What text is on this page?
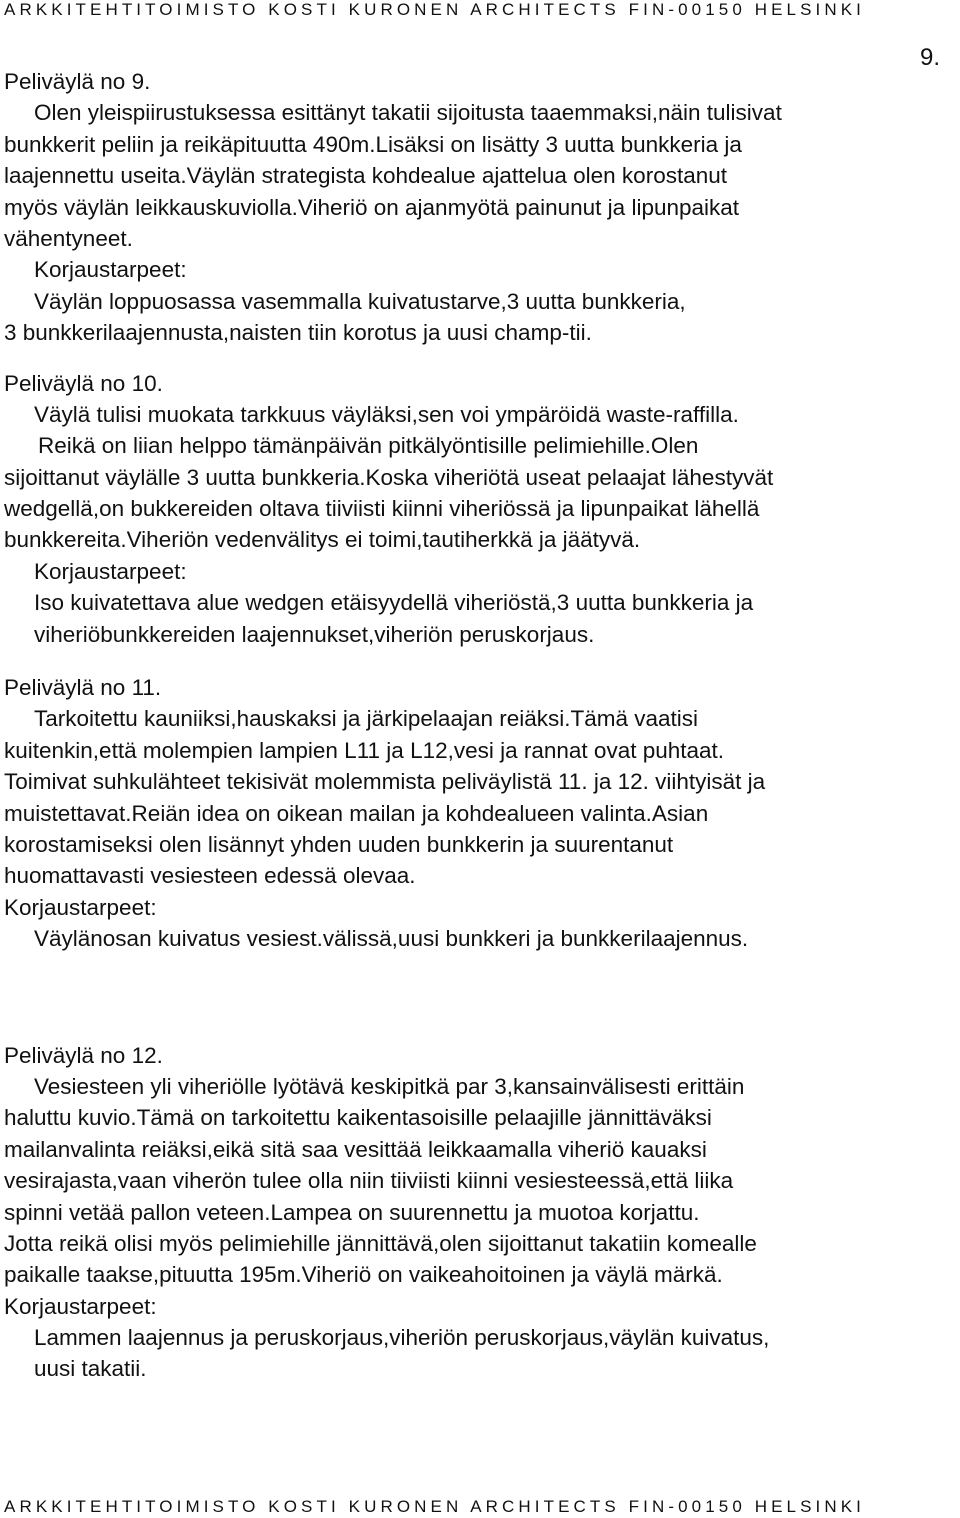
ARKKITEHTITOIMISTO KOSTI KURONEN ARCHITECTS FIN-00150 HELSINKI
9.
Peliväylä no 9.
Olen yleispiirustuksessa esittänyt takatii sijoitusta taaemmaksi,näin tulisivat
bunkkerit peliin ja reikäpituutta 490m.Lisäksi on lisätty 3 uutta bunkkeria ja
laajennettu useita.Väylän strategista kohdealue ajattelua olen korostanut
myös väylän leikkauskuviolla.Viheriö on ajanmyötä painunut ja lipunpaikat
vähentyneet.
Korjaustarpeet:
Väylän loppuosassa vasemmalla kuivatustarve,3 uutta bunkkeria,
3 bunkkerilaajennusta,naisten tiin korotus ja uusi champ-tii.
Peliväylä no 10.
Väylä tulisi muokata tarkkuus väyläksi,sen voi ympäröidä waste-raffilla.
Reikä on liian helppo tämänpäivän pitkälyöntisille pelimiehille.Olen
sijoittanut väylälle 3 uutta bunkkeria.Koska viheriötä useat pelaajat lähestyvät
wedgellä,on bukkereiden oltava tiiviisti kiinni viheriössä ja lipunpaikat lähellä
bunkkereita.Viheriön vedenvälitys ei toimi,tautiherkkä ja jäätyvä.
Korjaustarpeet:
Iso kuivatettava alue wedgen etäisyydellä viheriöstä,3 uutta bunkkeria ja
viheriöbunkkereiden laajennukset,viheriön peruskorjaus.
Peliväylä no 11.
Tarkoitettu kauniiksi,hauskaksi ja järkipelaajan reiäksi.Tämä vaatisi
kuitenkin,että molempien lampien L11 ja L12,vesi ja rannat ovat puhtaat.
Toimivat suhkulähteet tekisivät molemmista peliväylistä 11. ja 12. viihtyisät ja
muistettavat.Reiän idea on oikean mailan ja kohdealueen valinta.Asian
korostamiseksi olen lisännyt yhden uuden bunkkerin ja suurentanut
huomattavasti vesiesteen edessä olevaa.
Korjaustarpeet:
Väylänosan kuivatus vesiest.välissä,uusi bunkkeri ja bunkkerilaajennus.
Peliväylä no 12.
Vesiesteen yli viheriölle lyötävä keskipitkä par 3,kansainvälisesti erittäin
haluttu kuvio.Tämä on tarkoitettu kaikentasoisille pelaajille jännittäväksi
mailanvalinta reiäksi,eikä sitä saa vesittää leikkaamalla viheriö kauaksi
vesirajasta,vaan viherön tulee olla niin tiiviisti kiinni vesiesteessä,että liika
spinni vetää pallon veteen.Lampea on suurennettu ja muotoa korjattu.
Jotta reikä olisi myös pelimiehille jännittävä,olen sijoittanut takatiin komealle
paikalle taakse,pituutta 195m.Viheriö on vaikeahoitoinen ja väylä märkä.
Korjaustarpeet:
Lammen laajennus ja peruskorjaus,viheriön peruskorjaus,väylän kuivatus,
uusi takatii.
ARKKITEHTITOIMISTO KOSTI KURONEN ARCHITECTS FIN-00150 HELSINKI
